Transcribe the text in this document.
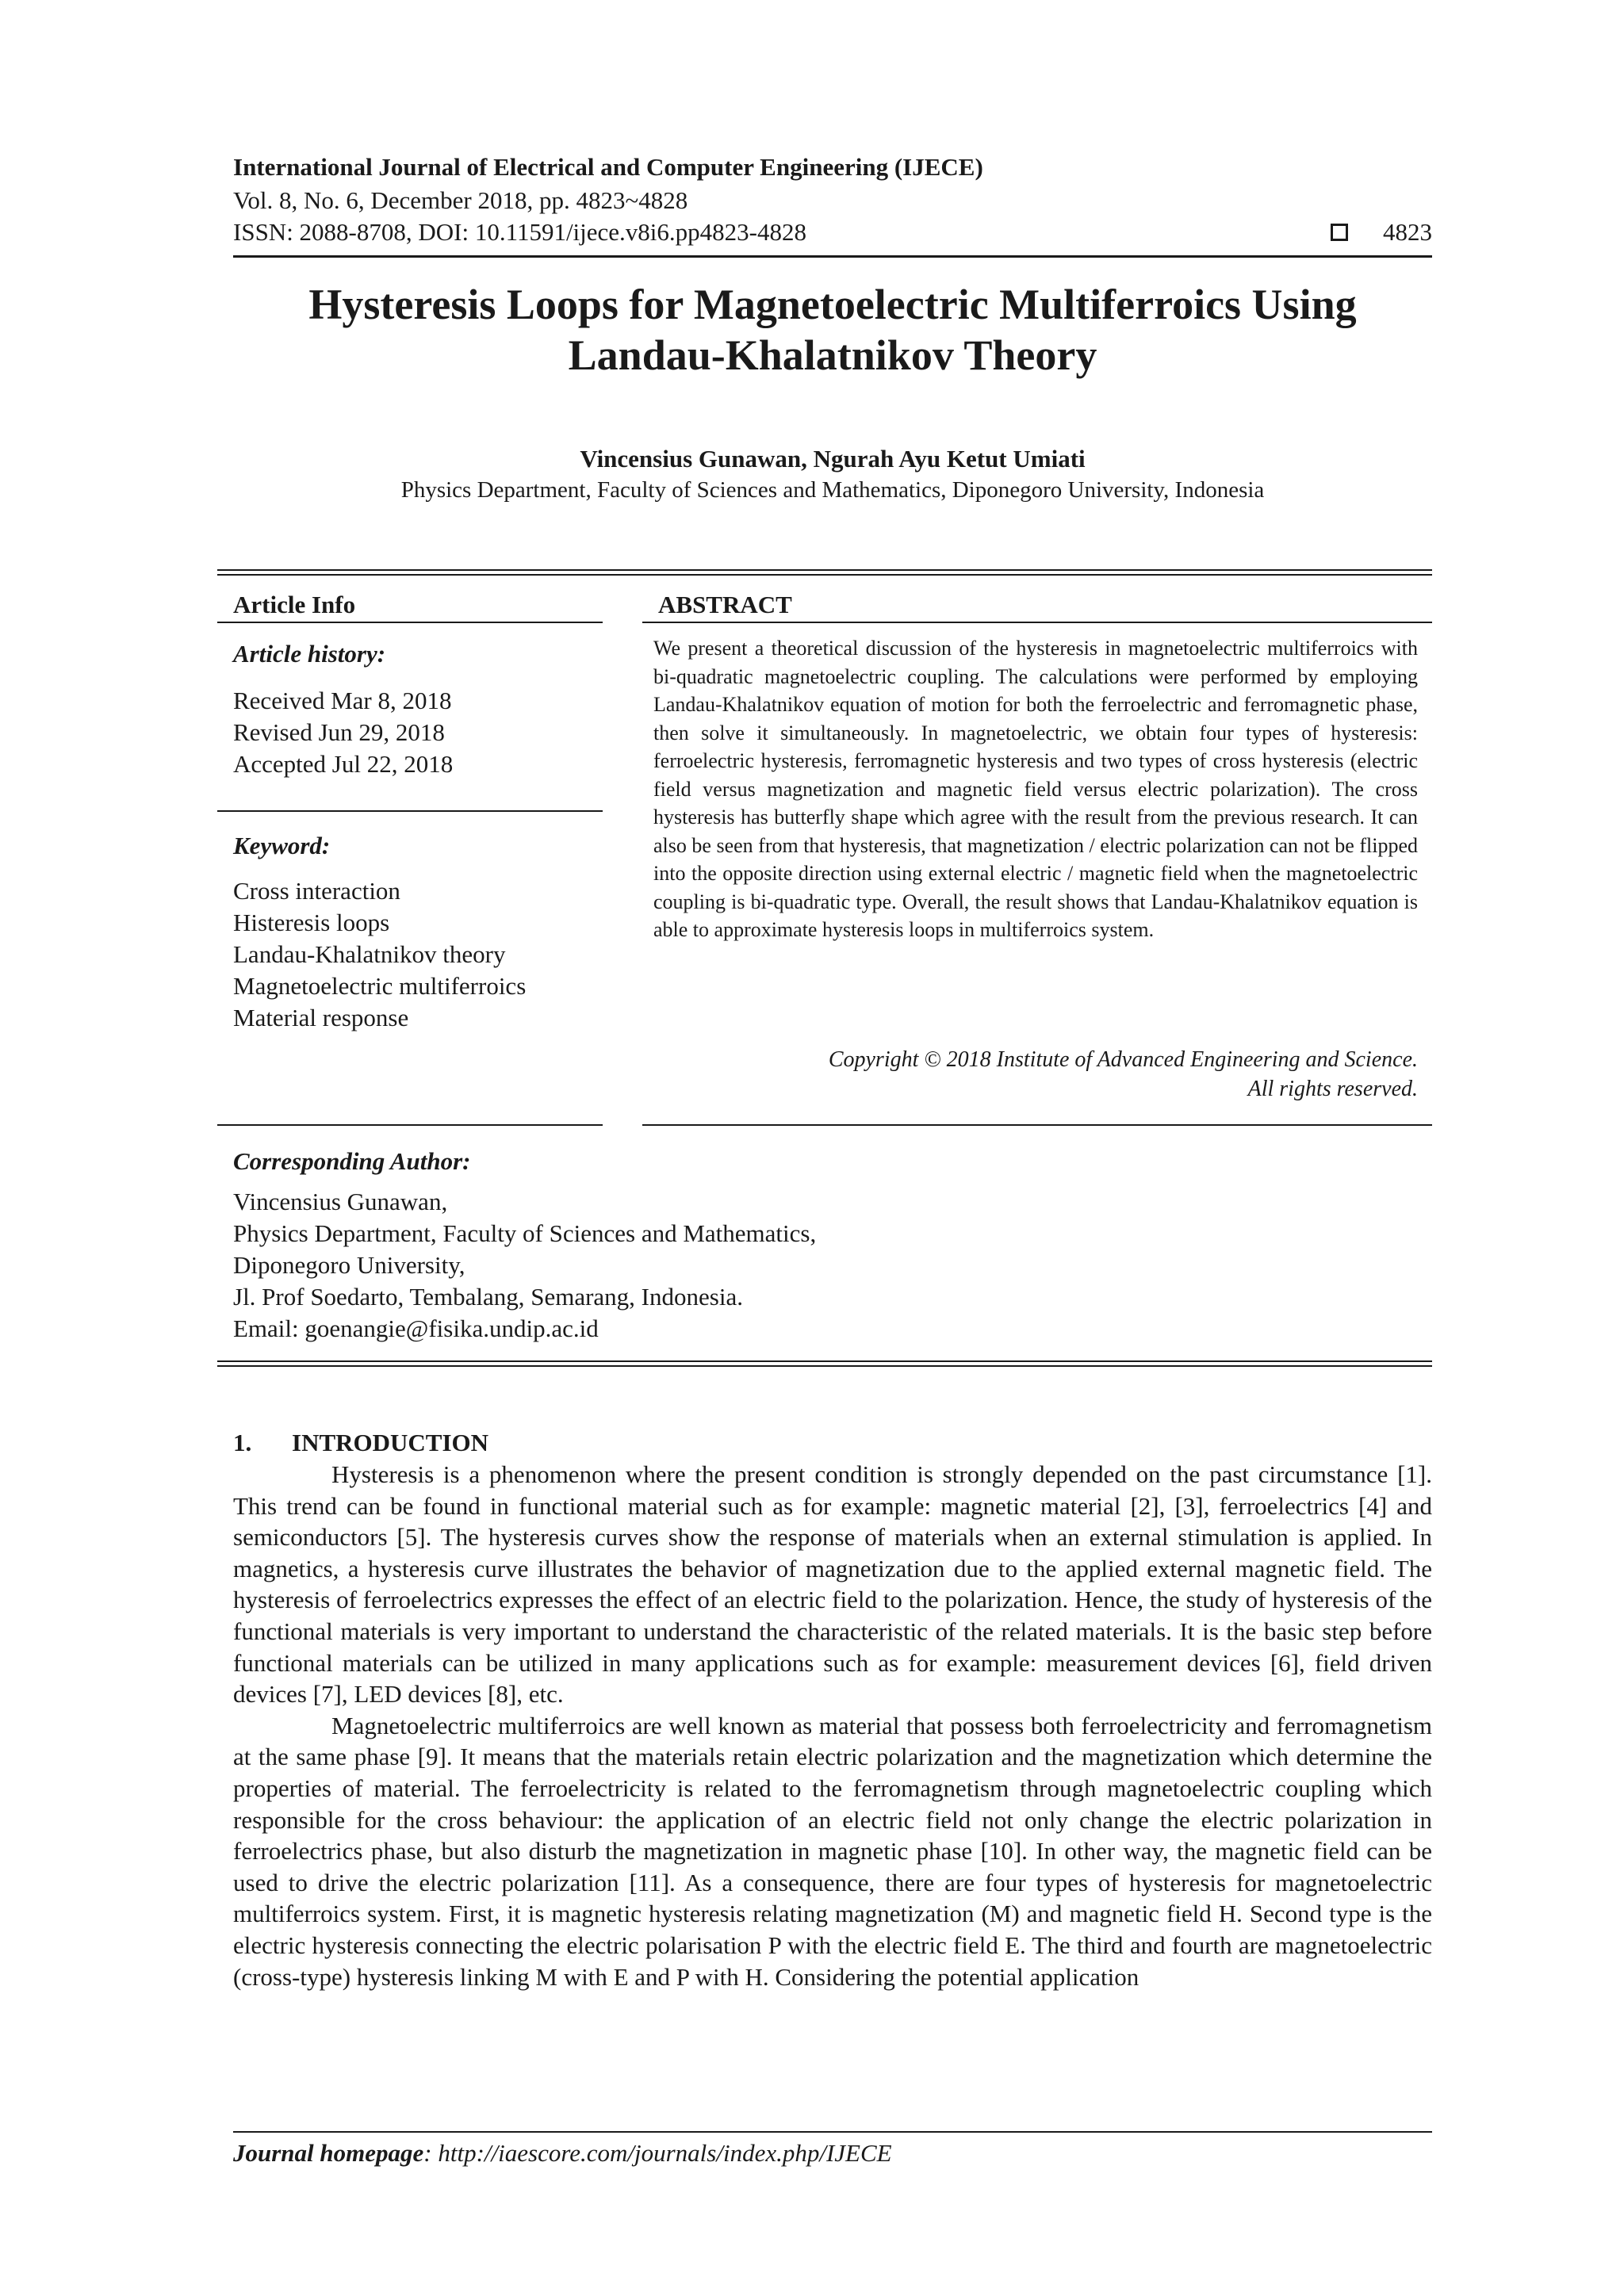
International Journal of Electrical and Computer Engineering (IJECE)
Vol. 8, No. 6, December 2018, pp. 4823~4828
ISSN: 2088-8708, DOI: 10.11591/ijece.v8i6.pp4823-4828	4823
Hysteresis Loops for Magnetoelectric Multiferroics Using
Landau-Khalatnikov Theory
Vincensius Gunawan, Ngurah Ayu Ketut Umiati
Physics Department, Faculty of Sciences and Mathematics, Diponegoro University, Indonesia
Article Info
Article history:
Received Mar 8, 2018
Revised Jun 29, 2018
Accepted Jul 22, 2018
Keyword:
Cross interaction
Histeresis loops
Landau-Khalatnikov theory
Magnetoelectric multiferroics
Material response
ABSTRACT
We present a theoretical discussion of the hysteresis in magnetoelectric multiferroics with bi-quadratic magnetoelectric coupling. The calculations were performed by employing Landau-Khalatnikov equation of motion for both the ferroelectric and ferromagnetic phase, then solve it simultaneously. In magnetoelectric, we obtain four types of hysteresis: ferroelectric hysteresis, ferromagnetic hysteresis and two types of cross hysteresis (electric field versus magnetization and magnetic field versus electric polarization). The cross hysteresis has butterfly shape which agree with the result from the previous research. It can also be seen from that hysteresis, that magnetization / electric polarization can not be flipped into the opposite direction using external electric / magnetic field when the magnetoelectric coupling is bi-quadratic type. Overall, the result shows that Landau-Khalatnikov equation is able to approximate hysteresis loops in multiferroics system.
Copyright © 2018 Institute of Advanced Engineering and Science.
All rights reserved.
Corresponding Author:
Vincensius Gunawan,
Physics Department, Faculty of Sciences and Mathematics,
Diponegoro University,
Jl. Prof Soedarto, Tembalang, Semarang, Indonesia.
Email: goenangie@fisika.undip.ac.id
1. INTRODUCTION

Hysteresis is a phenomenon where the present condition is strongly depended on the past circumstance [1]. This trend can be found in functional material such as for example: magnetic material [2], [3], ferroelectrics [4] and semiconductors [5]. The hysteresis curves show the response of materials when an external stimulation is applied. In magnetics, a hysteresis curve illustrates the behavior of magnetization due to the applied external magnetic field. The hysteresis of ferroelectrics expresses the effect of an electric field to the polarization. Hence, the study of hysteresis of the functional materials is very important to understand the characteristic of the related materials. It is the basic step before functional materials can be utilized in many applications such as for example: measurement devices [6], field driven devices [7], LED devices [8], etc.

Magnetoelectric multiferroics are well known as material that possess both ferroelectricity and ferromagnetism at the same phase [9]. It means that the materials retain electric polarization and the magnetization which determine the properties of material. The ferroelectricity is related to the ferromagnetism through magnetoelectric coupling which responsible for the cross behaviour: the application of an electric field not only change the electric polarization in ferroelectrics phase, but also disturb the magnetization in magnetic phase [10]. In other way, the magnetic field can be used to drive the electric polarization [11]. As a consequence, there are four types of hysteresis for magnetoelectric multiferroics system. First, it is magnetic hysteresis relating magnetization (M) and magnetic field H. Second type is the electric hysteresis connecting the electric polarisation P with the electric field E. The third and fourth are magnetoelectric (cross-type) hysteresis linking M with E and P with H. Considering the potential application

Journal homepage: http://iaescore.com/journals/index.php/IJECE
